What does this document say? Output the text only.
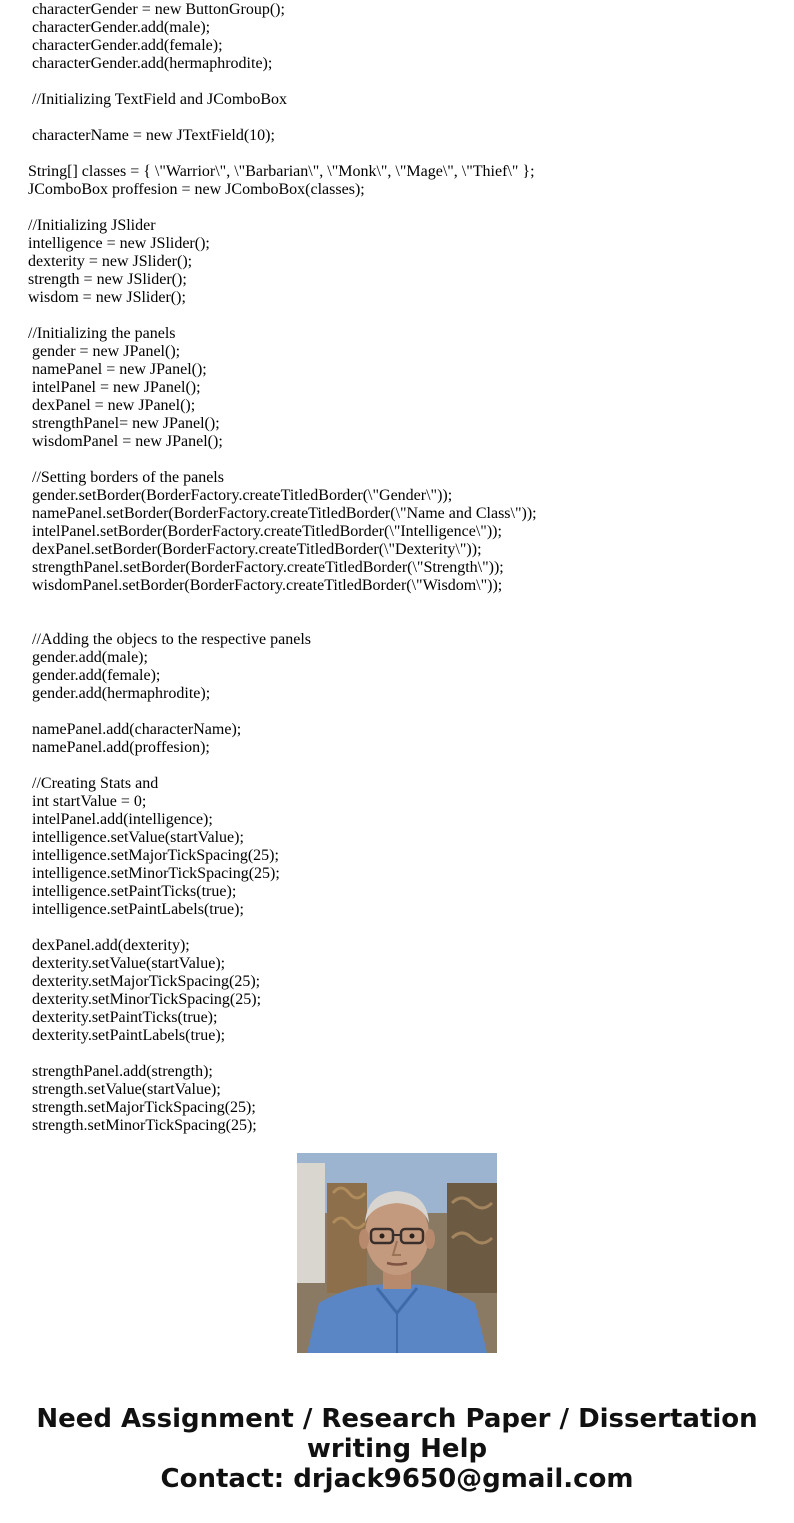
characterGender = new ButtonGroup();
characterGender.add(male);
characterGender.add(female);
characterGender.add(hermaphrodite);
//Initializing TextField and JComboBox
characterName = new JTextField(10);
String[] classes = { \"Warrior\", \"Barbarian\", \"Monk\", \"Mage\", \"Thief\" };
JComboBox proffesion = new JComboBox(classes);
//Initializing JSlider
intelligence = new JSlider();
dexterity = new JSlider();
strength = new JSlider();
wisdom = new JSlider();
//Initializing the panels
gender = new JPanel();
namePanel = new JPanel();
intelPanel = new JPanel();
dexPanel = new JPanel();
strengthPanel= new JPanel();
wisdomPanel = new JPanel();
//Setting borders of the panels
gender.setBorder(BorderFactory.createTitledBorder(\"Gender\"));
namePanel.setBorder(BorderFactory.createTitledBorder(\"Name and Class\"));
intelPanel.setBorder(BorderFactory.createTitledBorder(\"Intelligence\"));
dexPanel.setBorder(BorderFactory.createTitledBorder(\"Dexterity\"));
strengthPanel.setBorder(BorderFactory.createTitledBorder(\"Strength\"));
wisdomPanel.setBorder(BorderFactory.createTitledBorder(\"Wisdom\"));
//Adding the objecs to the respective panels
gender.add(male);
gender.add(female);
gender.add(hermaphrodite);
namePanel.add(characterName);
namePanel.add(proffesion);
//Creating Stats and
int startValue = 0;
intelPanel.add(intelligence);
intelligence.setValue(startValue);
intelligence.setMajorTickSpacing(25);
intelligence.setMinorTickSpacing(25);
intelligence.setPaintTicks(true);
intelligence.setPaintLabels(true);
dexPanel.add(dexterity);
dexterity.setValue(startValue);
dexterity.setMajorTickSpacing(25);
dexterity.setMinorTickSpacing(25);
dexterity.setPaintTicks(true);
dexterity.setPaintLabels(true);
strengthPanel.add(strength);
strength.setValue(startValue);
strength.setMajorTickSpacing(25);
strength.setMinorTickSpacing(25);
Need Assignment / Research Paper / Dissertation
writing Help
Contact: drjack9650@gmail.com
